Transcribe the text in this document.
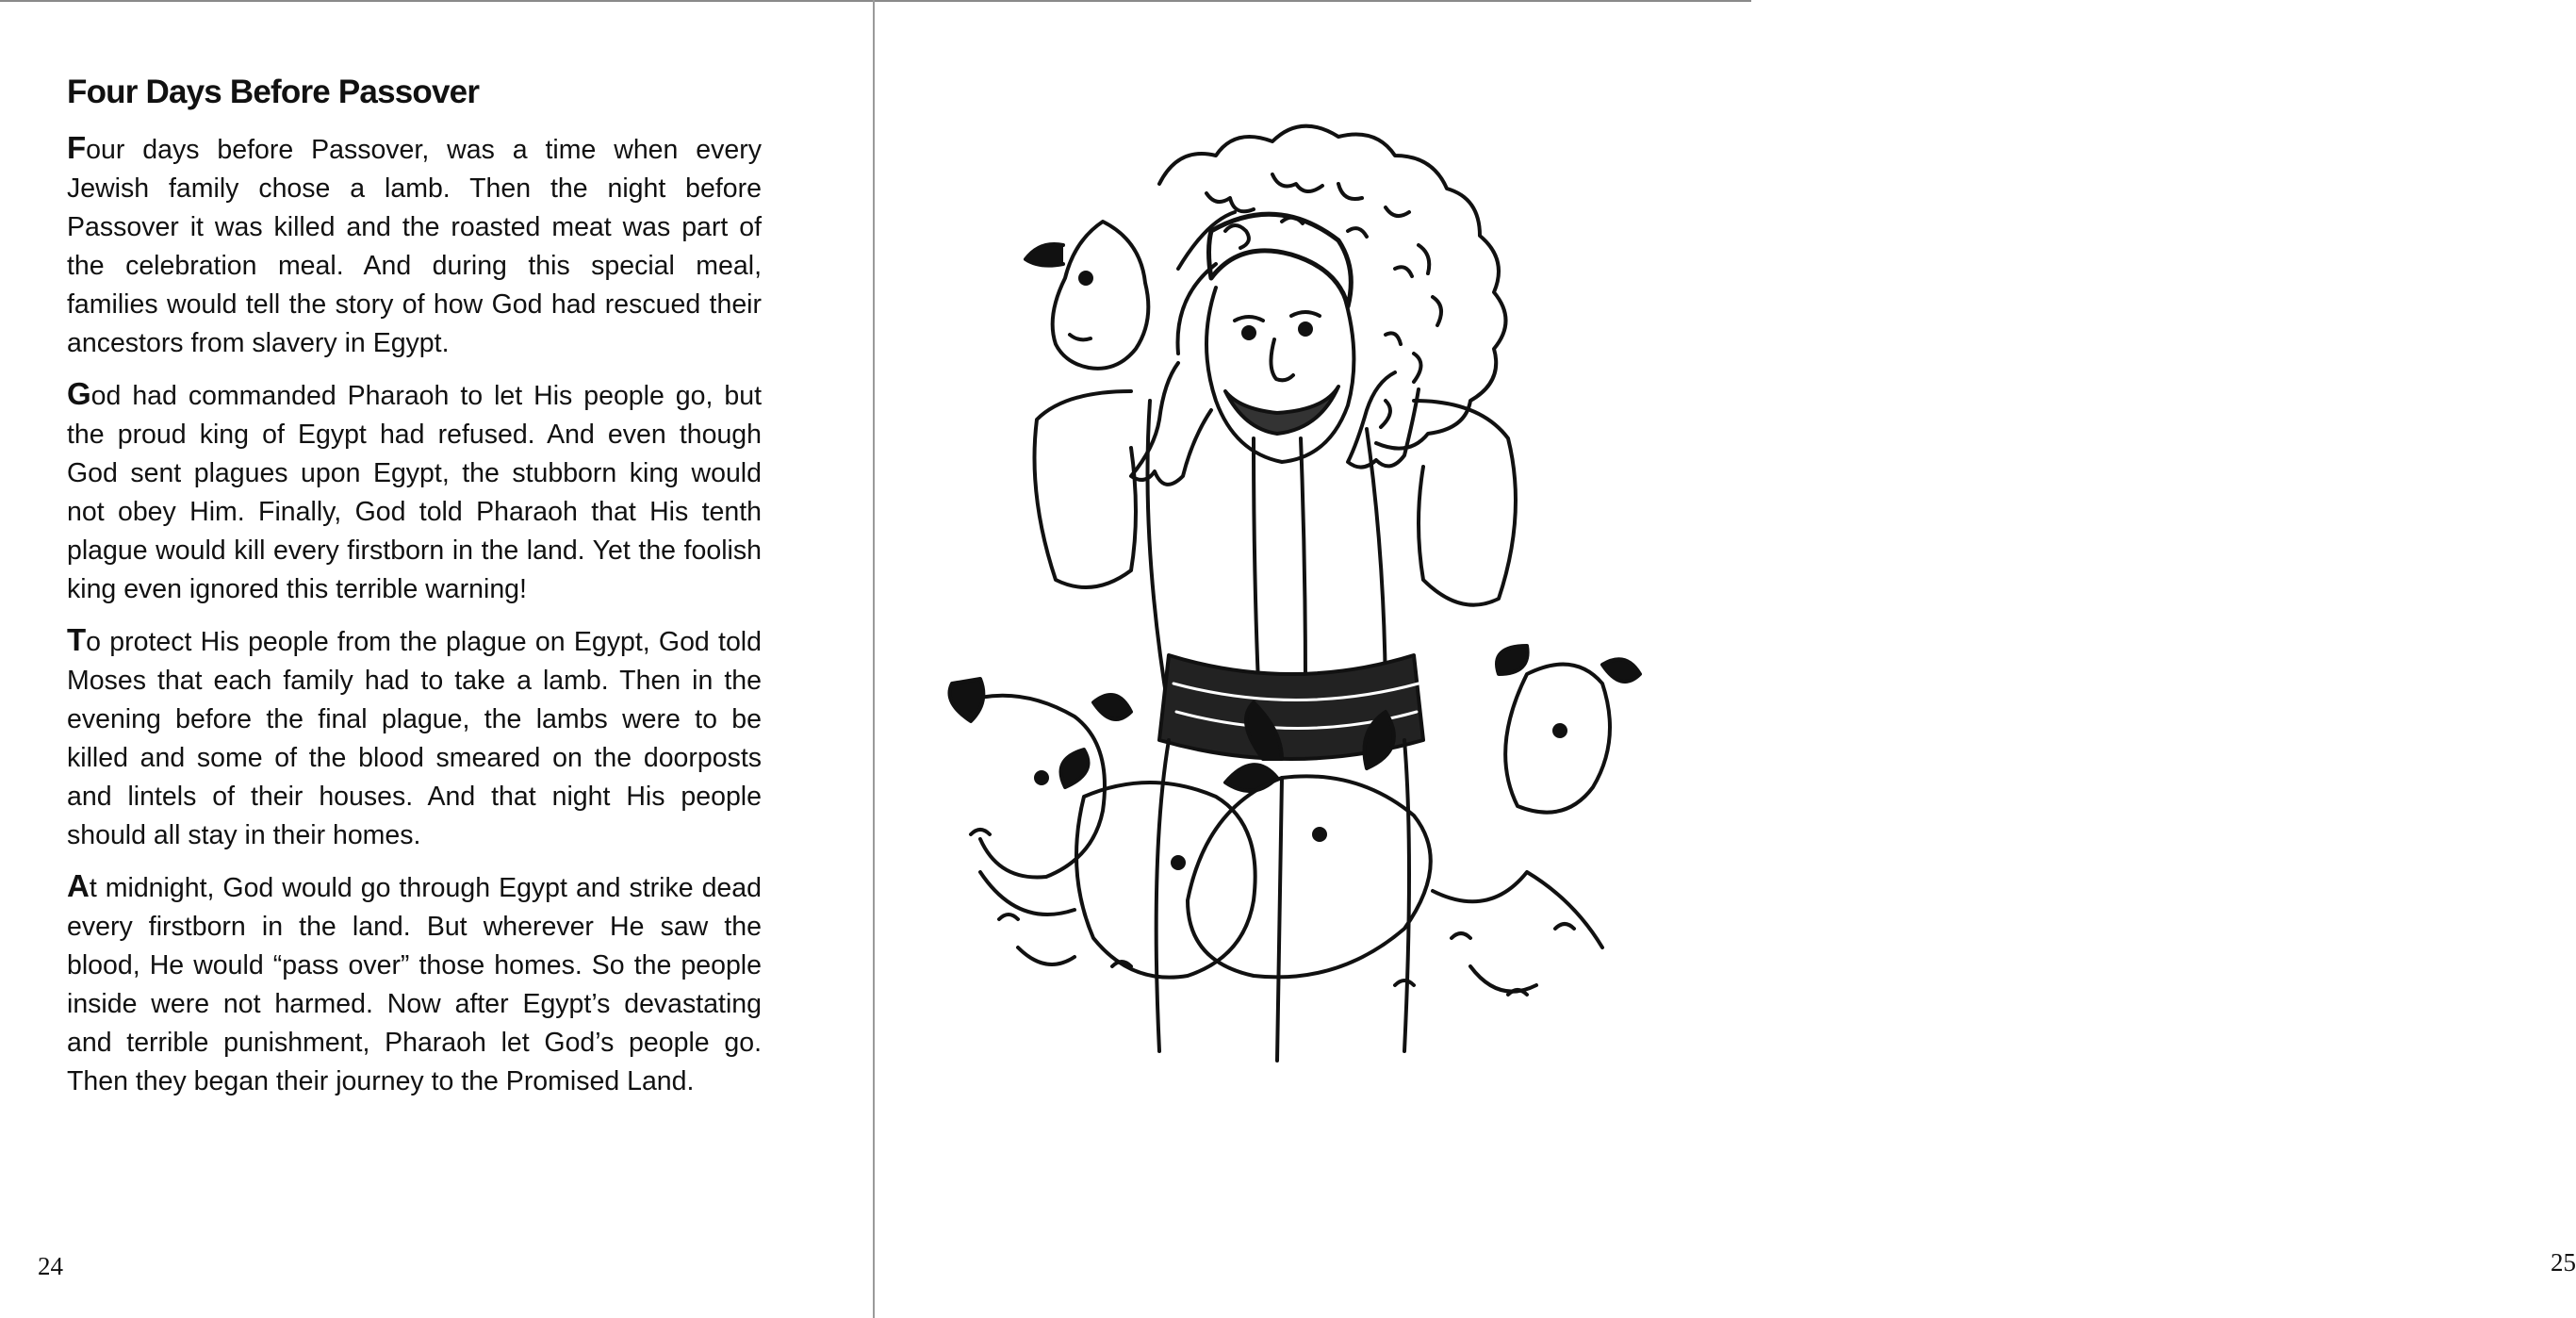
Four Days Before Passover

Four days before Passover, was a time when every Jewish family chose a lamb. Then the night before Passover it was killed and the roasted meat was part of the celebration meal. And during this special meal, families would tell the story of how God had rescued their ancestors from slavery in Egypt.

God had commanded Pharaoh to let His people go, but the proud king of Egypt had refused. And even though God sent plagues upon Egypt, the stubborn king would not obey Him. Finally, God told Pharaoh that His tenth plague would kill every firstborn in the land. Yet the foolish king even ignored this terrible warning!

To protect His people from the plague on Egypt, God told Moses that each family had to take a lamb. Then in the evening before the final plague, the lambs were to be killed and some of the blood smeared on the doorposts and lintels of their houses. And that night His people should all stay in their homes.

At midnight, God would go through Egypt and strike dead every firstborn in the land. But wherever He saw the blood, He would “pass over” those homes. So the people inside were not harmed. Now after Egypt’s devastating and terrible punishment, Pharaoh let God’s people go. Then they began their journey to the Promised Land.

24	25
